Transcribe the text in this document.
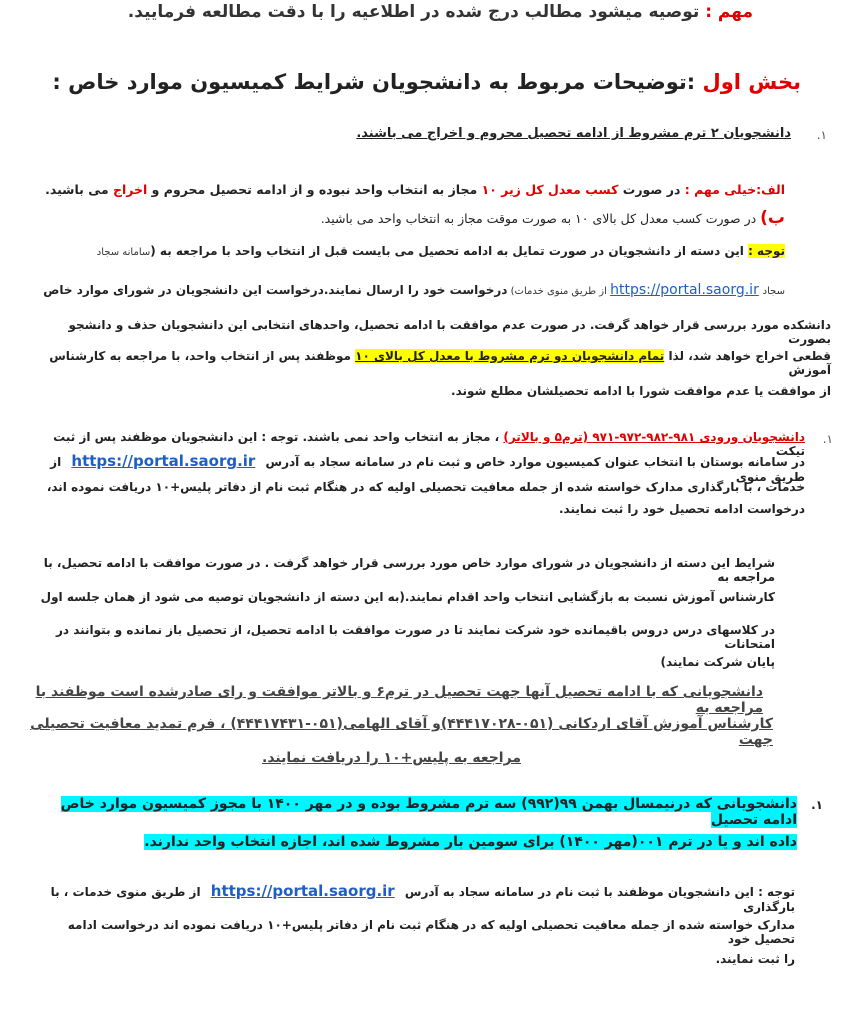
مهم : توصیه میشود مطالب درج شده در اطلاعیه را با دقت مطالعه فرمایید.
بخش اول :توضیحات مربوط به دانشجویان شرایط کمیسیون موارد خاص :
١.

دانشجویان ۲ ترم مشروط از ادامه تحصیل محروم و اخراج می باشند.

الف:خیلی مهم : در صورت کسب معدل کل زیر ۱۰ مجاز به انتخاب واحد نبوده و از ادامه تحصیل محروم و اخراج می باشید.
ب) در صورت کسب معدل کل بالای ۱۰ به صورت موقت مجاز به انتخاب واحد می باشید.
توجه : این دسته از دانشجویان در صورت تمایل به ادامه تحصیل می بایست قبل از انتخاب واحد با مراجعه به (سامانه سجاد
سجاد https://portal.saorg.ir از طریق منوی خدمات) درخواست خود را ارسال نمایند.درخواست این دانشجویان در شورای موارد خاص
دانشکده مورد بررسی قرار خواهد گرفت. در صورت عدم موافقت با ادامه تحصیل، واحدهای انتخابی این دانشجویان حذف و دانشجو بصورت
قطعی اخراج خواهد شد، لذا تمام دانشجویان دو ترم مشروط با معدل کل بالای ۱۰ موظفند پس از انتخاب واحد، با مراجعه به کارشناس آموزش
از موافقت یا عدم موافقت شورا با ادامه تحصیلشان مطلع شوند.
١.
دانشجویان ورودی ۹۸۱-۹۸۲-۹۷۲-۹۷۱ (ترم۵ و بالاتر) ، مجاز به انتخاب واحد نمی باشند. توجه : این دانشجویان موظفند پس از ثبت تیکت
در سامانه بوستان با انتخاب عنوان کمیسیون موارد خاص و ثبت نام در سامانه سجاد به آدرس https://portal.saorg.ir از طریق منوی
خدمات ، با بارگذاری مدارک خواسته شده از جمله معافیت تحصیلی اولیه که در هنگام ثبت نام از دفاتر پلیس+۱۰ دریافت نموده اند،
درخواست ادامه تحصیل خود را ثبت نمایند.
شرایط این دسته از دانشجویان در شورای موارد خاص مورد بررسی قرار خواهد گرفت . در صورت موافقت با ادامه تحصیل، با مراجعه به
کارشناس آموزش نسبت به بازگشایی انتخاب واحد اقدام نمایند.(به این دسته از دانشجویان توصیه می شود از همان جلسه اول
در کلاسهای درس دروس باقیمانده خود شرکت نمایند تا در صورت موافقت با ادامه تحصیل، از تحصیل باز نمانده و بتوانند در امتحانات
پایان شرکت نمایند)
دانشجویانی که با ادامه تحصیل آنها جهت تحصیل در ترم۶ و بالاتر موافقت و رای صادرشده است موظفند با مراجعه به
کارشناس آموزش آقای اردکانی (۰۵۱-۴۴۴۱۷۰۲۸)و آقای الهامی(۰۵۱-۴۴۴۱۷۴۳۱) ، فرم تمدید معافیت تحصیلی جهت
مراجعه به پلیس+۱۰ را دریافت نمایند.
١.
دانشجویانی که درنیمسال بهمن ۹۹(۹۹۲) سه ترم مشروط بوده و در مهر ۱۴۰۰ با مجوز کمیسیون موارد خاص ادامه تحصیل
داده اند و یا در ترم ۰۰۱(مهر ۱۴۰۰) برای سومین بار مشروط شده اند، اجازه انتخاب واحد ندارند.
توجه : این دانشجویان موظفند با ثبت نام در سامانه سجاد به آدرس https://portal.saorg.ir از طریق منوی خدمات ، با بارگذاری
مدارک خواسته شده از جمله معافیت تحصیلی اولیه که در هنگام ثبت نام از دفاتر پلیس+۱۰ دریافت نموده اند درخواست ادامه تحصیل خود
را ثبت نمایند.
